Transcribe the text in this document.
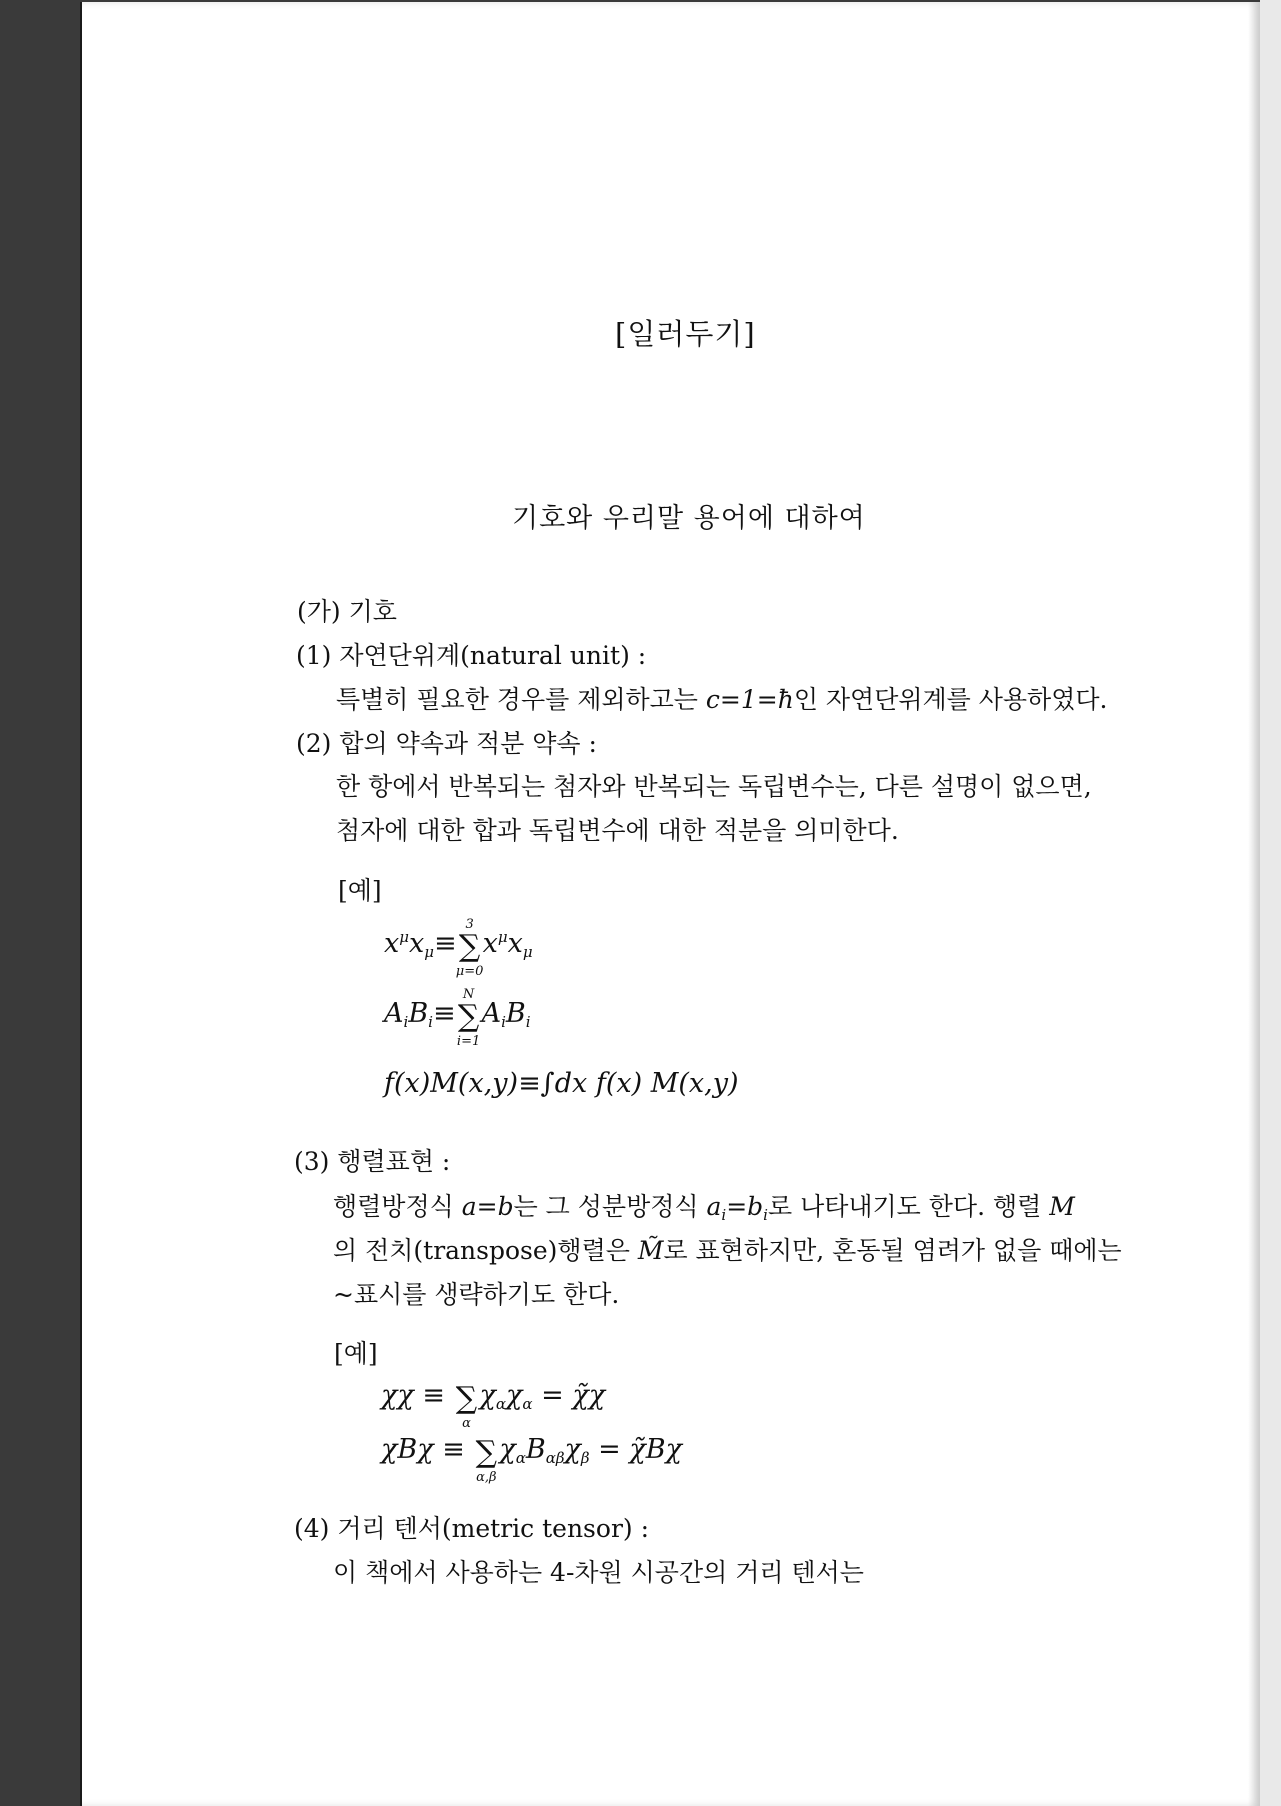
[일러두기]
기호와 우리말 용어에 대하여
(가) 기호
(1) 자연단위계(natural unit) :
특별히 필요한 경우를 제외하고는 c=1=ħ인 자연단위계를 사용하였다.
(2) 합의 약속과 적분 약속 :
한 항에서 반복되는 첨자와 반복되는 독립변수는, 다른 설명이 없으면,
첨자에 대한 합과 독립변수에 대한 적분을 의미한다.
[예]
$x^\mu x_\mu\equiv\sum$
3
μ=0
$x^\mu x_\mu$
$A_iB_i\equiv\sum$
N
i=1
$A_iB_i$
f(x)M(x,y)≡∫dx f(x) M(x,y)
(3) 행렬표현 :
행렬방정식 a=b는 그 성분방정식 $a_i=b_i$로 나타내기도 한다. 행렬 M
의 전치(transpose)행렬은 M̃로 표현하지만, 혼동될 염려가 없을 때에는
~표시를 생략하기도 한다.
[예]
χχ ≡ ∑
α
$\chi_\alpha\chi_\alpha$ = χ̃χ
χBχ ≡ ∑
α,β
$\chi_\alpha B_{\alpha\beta}\chi_\beta$ = χ̃Bχ
(4) 거리 텐서(metric tensor) :
이 책에서 사용하는 4-차원 시공간의 거리 텐서는
